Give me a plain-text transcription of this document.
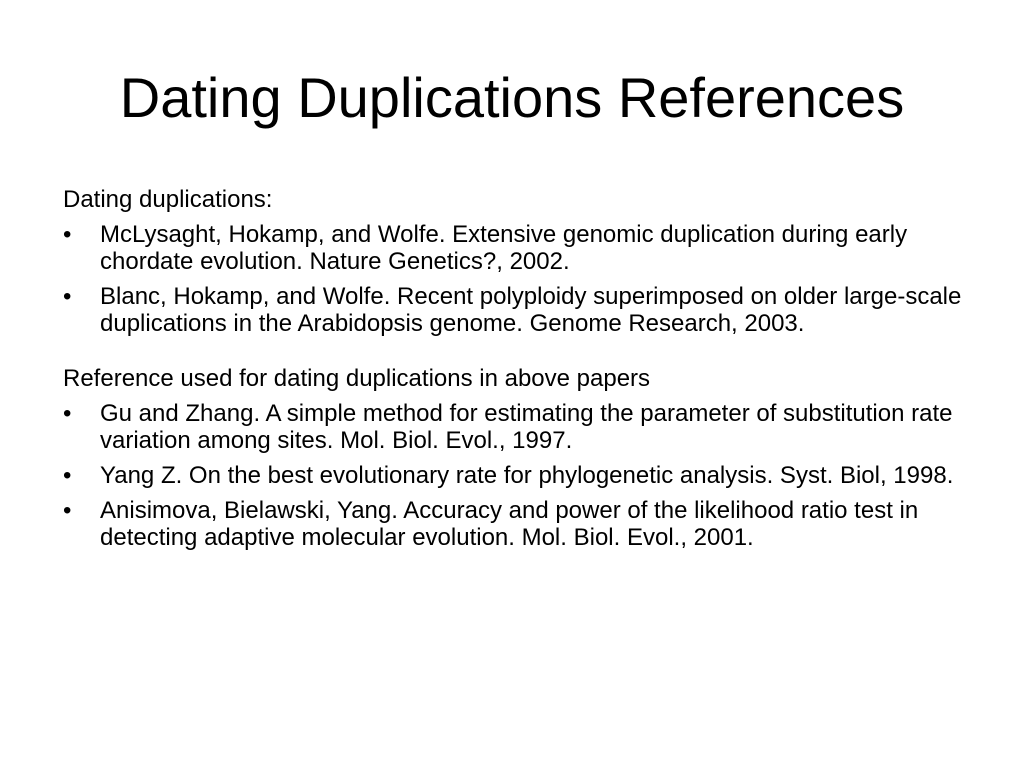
Dating Duplications References

Dating duplications:

• McLysaght, Hokamp, and Wolfe. Extensive genomic duplication during early chordate evolution. Nature Genetics?, 2002.
• Blanc, Hokamp, and Wolfe. Recent polyploidy superimposed on older large-scale duplications in the Arabidopsis genome. Genome Research, 2003.

Reference used for dating duplications in above papers

• Gu and Zhang. A simple method for estimating the parameter of substitution rate variation among sites. Mol. Biol. Evol., 1997.
• Yang Z. On the best evolutionary rate for phylogenetic analysis. Syst. Biol, 1998.
• Anisimova, Bielawski, Yang. Accuracy and power of the likelihood ratio test in detecting adaptive molecular evolution. Mol. Biol. Evol., 2001.
